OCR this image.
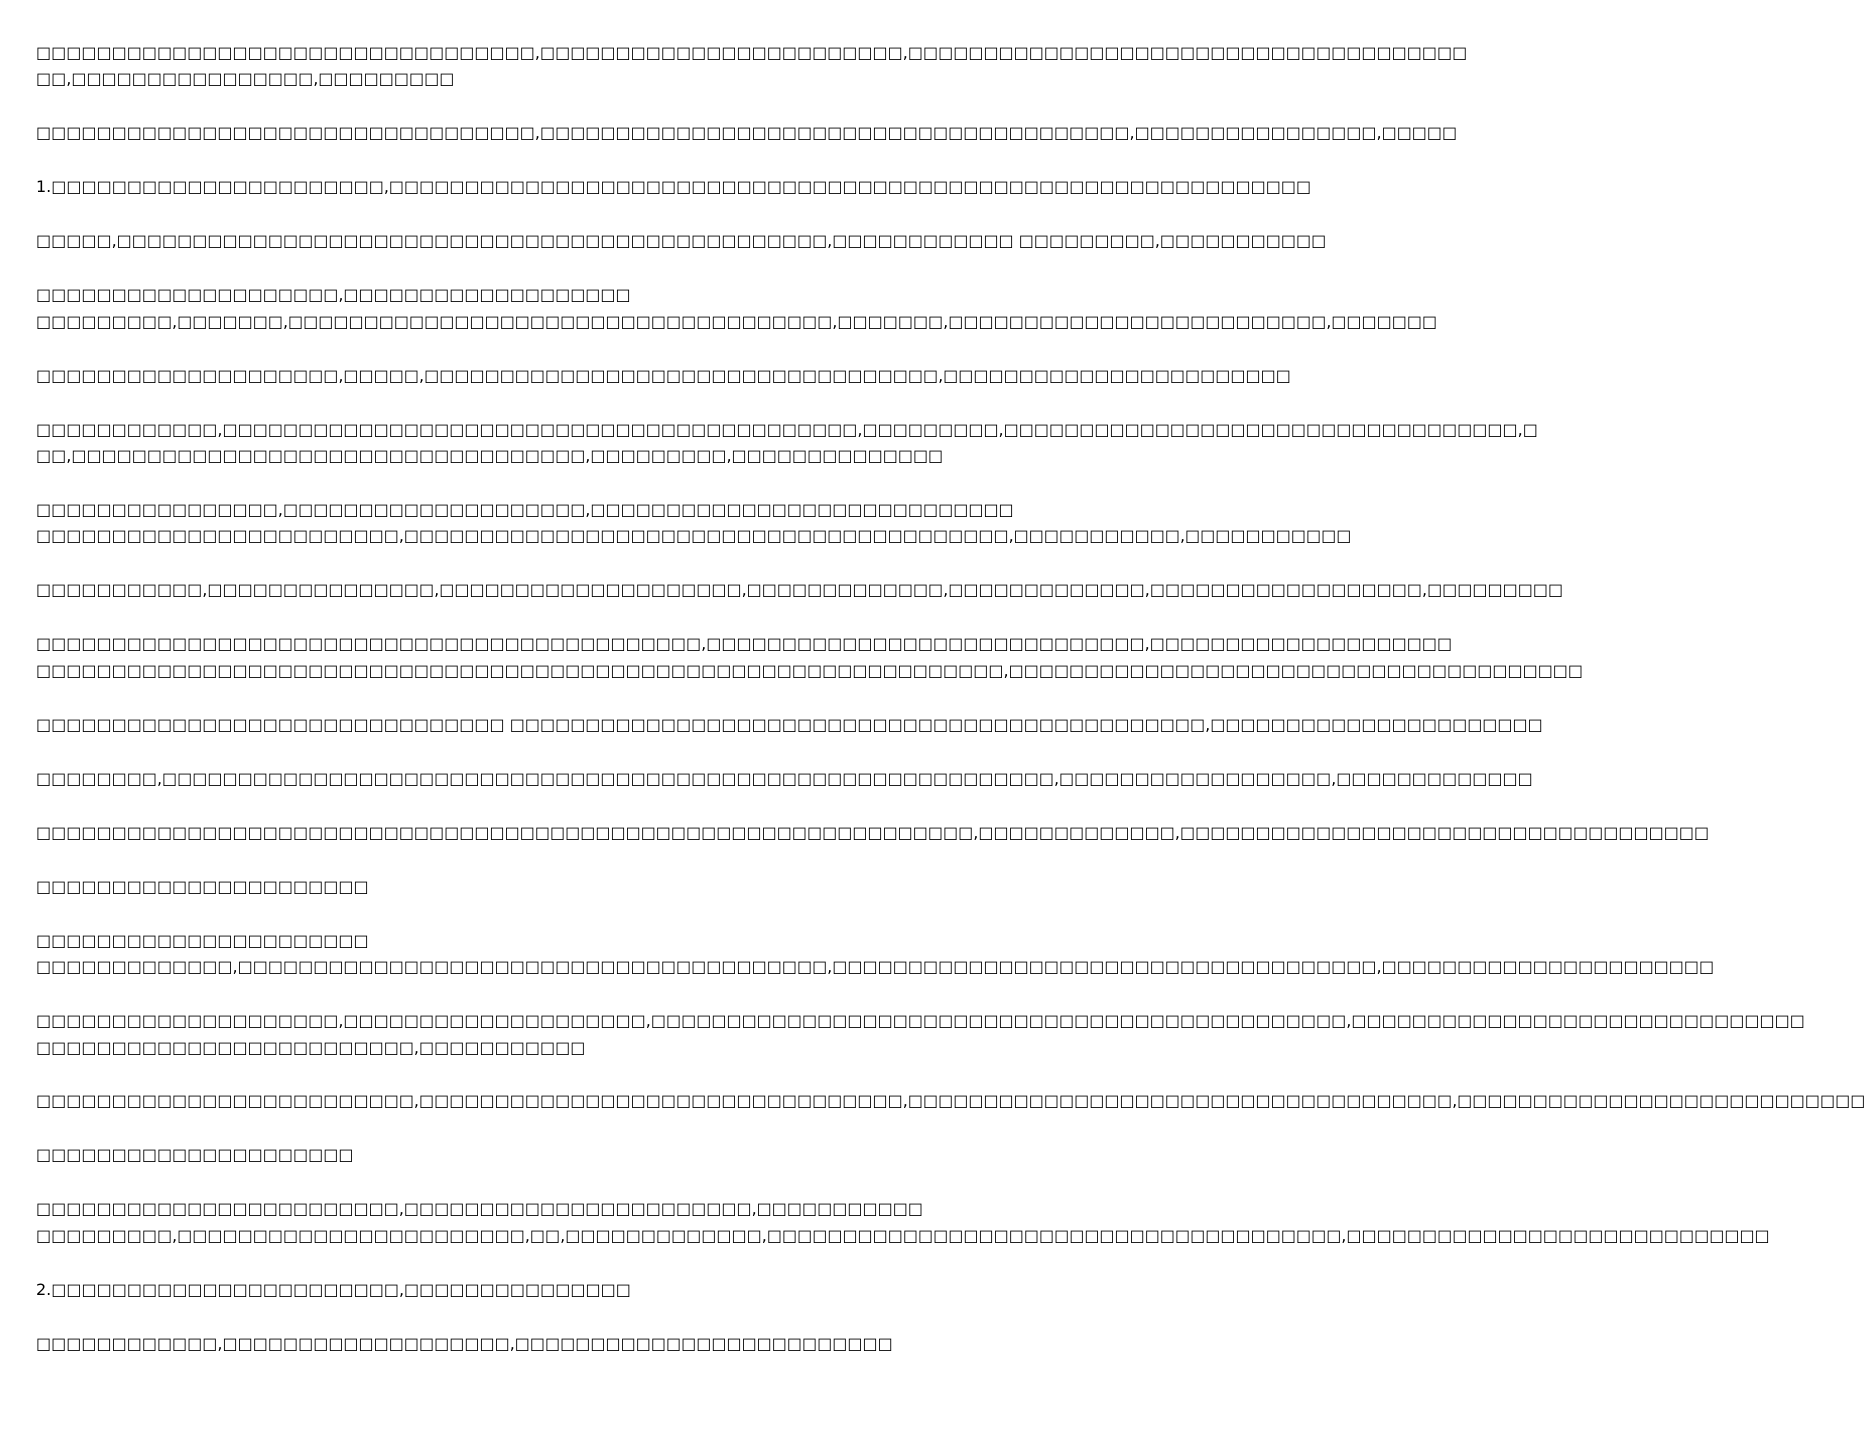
□□□□□□□□□□□□□□□□□□□□□□□□□□□□□□□□□,□□□□□□□□□□□□□□□□□□□□□□□□,□□□□□□□□□□□□□□□□□□□□□□□□□□□□□□□□□□□□□
□□,□□□□□□□□□□□□□□□□,□□□□□□□□□
□□□□□□□□□□□□□□□□□□□□□□□□□□□□□□□□□,□□□□□□□□□□□□□□□□□□□□□□□□□□□□□□□□□□□□□□□,□□□□□□□□□□□□□□□□,□□□□□
1.□□□□□□□□□□□□□□□□□□□□□□,□□□□□□□□□□□□□□□□□□□□□□□□□□□□□□□□□□□□□□□□□□□□□□□□□□□□□□□□□□□□□
□□□□□,□□□□□□□□□□□□□□□□□□□□□□□□□□□□□□□□□□□□□□□□□□□□□□□,□□□□□□□□□□□□ □□□□□□□□□,□□□□□□□□□□□
□□□□□□□□□□□□□□□□□□□□,□□□□□□□□□□□□□□□□□□□
□□□□□□□□□,□□□□□□□,□□□□□□□□□□□□□□□□□□□□□□□□□□□□□□□□□□□□,□□□□□□□,□□□□□□□□□□□□□□□□□□□□□□□□□,□□□□□□□
□□□□□□□□□□□□□□□□□□□□,□□□□□,□□□□□□□□□□□□□□□□□□□□□□□□□□□□□□□□□□,□□□□□□□□□□□□□□□□□□□□□□□
□□□□□□□□□□□□,□□□□□□□□□□□□□□□□□□□□□□□□□□□□□□□□□□□□□□□□□□,□□□□□□□□□,□□□□□□□□□□□□□□□□□□□□□□□□□□□□□□□□□□,□
□□,□□□□□□□□□□□□□□□□□□□□□□□□□□□□□□□□□□,□□□□□□□□□,□□□□□□□□□□□□□□
□□□□□□□□□□□□□□□□,□□□□□□□□□□□□□□□□□□□□,□□□□□□□□□□□□□□□□□□□□□□□□□□□□
□□□□□□□□□□□□□□□□□□□□□□□□,□□□□□□□□□□□□□□□□□□□□□□□□□□□□□□□□□□□□□□□□,□□□□□□□□□□□,□□□□□□□□□□□
□□□□□□□□□□□,□□□□□□□□□□□□□□□,□□□□□□□□□□□□□□□□□□□□,□□□□□□□□□□□□□,□□□□□□□□□□□□□,□□□□□□□□□□□□□□□□□□,□□□□□□□□□
□□□□□□□□□□□□□□□□□□□□□□□□□□□□□□□□□□□□□□□□□□□□,□□□□□□□□□□□□□□□□□□□□□□□□□□□□□,□□□□□□□□□□□□□□□□□□□□
□□□□□□□□□□□□□□□□□□□□□□□□□□□□□□□□□□□□□□□□□□□□□□□□□□□□□□□□□□□□□□□□,□□□□□□□□□□□□□□□□□□□□□□□□□□□□□□□□□□□□□□
□□□□□□□□□□□□□□□□□□□□□□□□□□□□□□□ □□□□□□□□□□□□□□□□□□□□□□□□□□□□□□□□□□□□□□□□□□□□□□,□□□□□□□□□□□□□□□□□□□□□□
□□□□□□□□,□□□□□□□□□□□□□□□□□□□□□□□□□□□□□□□□□□□□□□□□□□□□□□□□□□□□□□□□□□□,□□□□□□□□□□□□□□□□□□,□□□□□□□□□□□□□
□□□□□□□□□□□□□□□□□□□□□□□□□□□□□□□□□□□□□□□□□□□□□□□□□□□□□□□□□□□□□□,□□□□□□□□□□□□□,□□□□□□□□□□□□□□□□□□□□□□□□□□□□□□□□□□□
□□□□□□□□□□□□□□□□□□□□□□
□□□□□□□□□□□□□□□□□□□□□□
□□□□□□□□□□□□□,□□□□□□□□□□□□□□□□□□□□□□□□□□□□□□□□□□□□□□□,□□□□□□□□□□□□□□□□□□□□□□□□□□□□□□□□□□□□,□□□□□□□□□□□□□□□□□□□□□□
□□□□□□□□□□□□□□□□□□□□,□□□□□□□□□□□□□□□□□□□□,□□□□□□□□□□□□□□□□□□□□□□□□□□□□□□□□□□□□□□□□□□□□□□,□□□□□□□□□□□□□□□□□□□□□□□□□□□□□□
□□□□□□□□□□□□□□□□□□□□□□□□□,□□□□□□□□□□□
□□□□□□□□□□□□□□□□□□□□□□□□□,□□□□□□□□□□□□□□□□□□□□□□□□□□□□□□□□,□□□□□□□□□□□□□□□□□□□□□□□□□□□□□□□□□□□□,□□□□□□□□□□□□□□□□□□□□□□□□□□□
□□□□□□□□□□□□□□□□□□□□□
□□□□□□□□□□□□□□□□□□□□□□□□,□□□□□□□□□□□□□□□□□□□□□□□,□□□□□□□□□□□
□□□□□□□□□,□□□□□□□□□□□□□□□□□□□□□□□,□□,□□□□□□□□□□□□□,□□□□□□□□□□□□□□□□□□□□□□□□□□□□□□□□□□□□□□,□□□□□□□□□□□□□□□□□□□□□□□□□□□□
2.□□□□□□□□□□□□□□□□□□□□□□□,□□□□□□□□□□□□□□□
□□□□□□□□□□□□,□□□□□□□□□□□□□□□□□□□,□□□□□□□□□□□□□□□□□□□□□□□□□
